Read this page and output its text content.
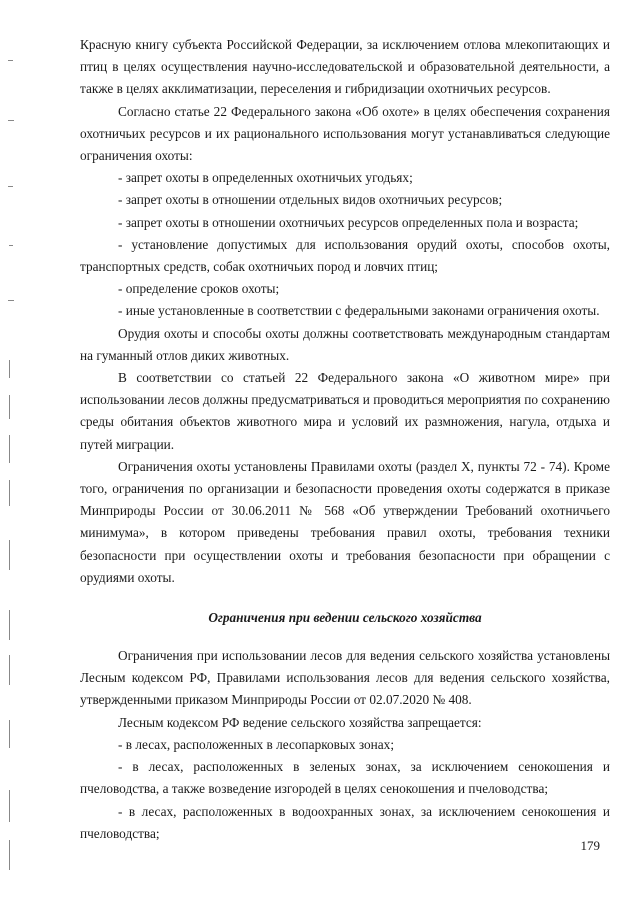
Красную книгу субъекта Российской Федерации, за исключением отлова млекопитающих и птиц в целях осуществления научно-исследовательской и образовательной деятельности, а также в целях акклиматизации, переселения и гибридизации охотничьих ресурсов.

Согласно статье 22 Федерального закона «Об охоте» в целях обеспечения сохранения охотничьих ресурсов и их рационального использования могут устанавливаться следующие ограничения охоты:

- запрет охоты в определенных охотничьих угодьях;
- запрет охоты в отношении отдельных видов охотничьих ресурсов;
- запрет охоты в отношении охотничьих ресурсов определенных пола и возраста;
- установление допустимых для использования орудий охоты, способов охоты, транспортных средств, собак охотничьих пород и ловчих птиц;
- определение сроков охоты;
- иные установленные в соответствии с федеральными законами ограничения охоты.

Орудия охоты и способы охоты должны соответствовать международным стандартам на гуманный отлов диких животных.

В соответствии со статьей 22 Федерального закона «О животном мире» при использовании лесов должны предусматриваться и проводиться мероприятия по сохранению среды обитания объектов животного мира и условий их размножения, нагула, отдыха и путей миграции.

Ограничения охоты установлены Правилами охоты (раздел X, пункты 72 - 74). Кроме того, ограничения по организации и безопасности проведения охоты содержатся в приказе Минприроды России от 30.06.2011 № 568 «Об утверждении Требований охотничьего минимума», в котором приведены требования правил охоты, требования техники безопасности при осуществлении охоты и требования безопасности при обращении с орудиями охоты.

Ограничения при ведении сельского хозяйства

Ограничения при использовании лесов для ведения сельского хозяйства установлены Лесным кодексом РФ, Правилами использования лесов для ведения сельского хозяйства, утвержденными приказом Минприроды России от 02.07.2020 № 408.

Лесным кодексом РФ ведение сельского хозяйства запрещается:

- в лесах, расположенных в лесопарковых зонах;
- в лесах, расположенных в зеленых зонах, за исключением сенокошения и пчеловодства, а также возведение изгородей в целях сенокошения и пчеловодства;
- в лесах, расположенных в водоохранных зонах, за исключением сенокошения и пчеловодства;
179
